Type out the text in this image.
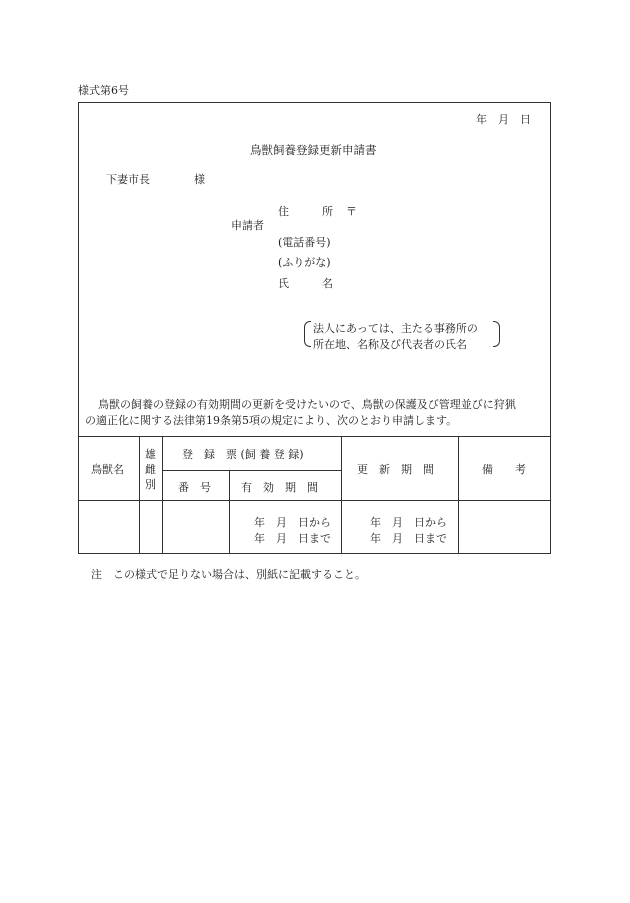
様式第6号
年　月　日
鳥獣飼養登録更新申請書
下妻市長　　　　様
申請者
住　　　所 〒
(電話番号)
(ふりがな)
氏　　　名
法人にあっては、主たる事務所の
所在地、名称及び代表者の氏名
鳥獣の飼養の登録の有効期間の更新を受けたいので、鳥獣の保護及び管理並びに狩猟
の適正化に関する法律第19条第5項の規定により、次のとおり申請します。
鳥獣名
雄
雌
別
登　録　票 (飼 養 登 録)
番　号	有　効　期　間
更　新　期　間	備　　考
年　月　日から
年　月　日まで
年　月　日から
年　月　日まで
注　この様式で足りない場合は、別紙に記載すること。
